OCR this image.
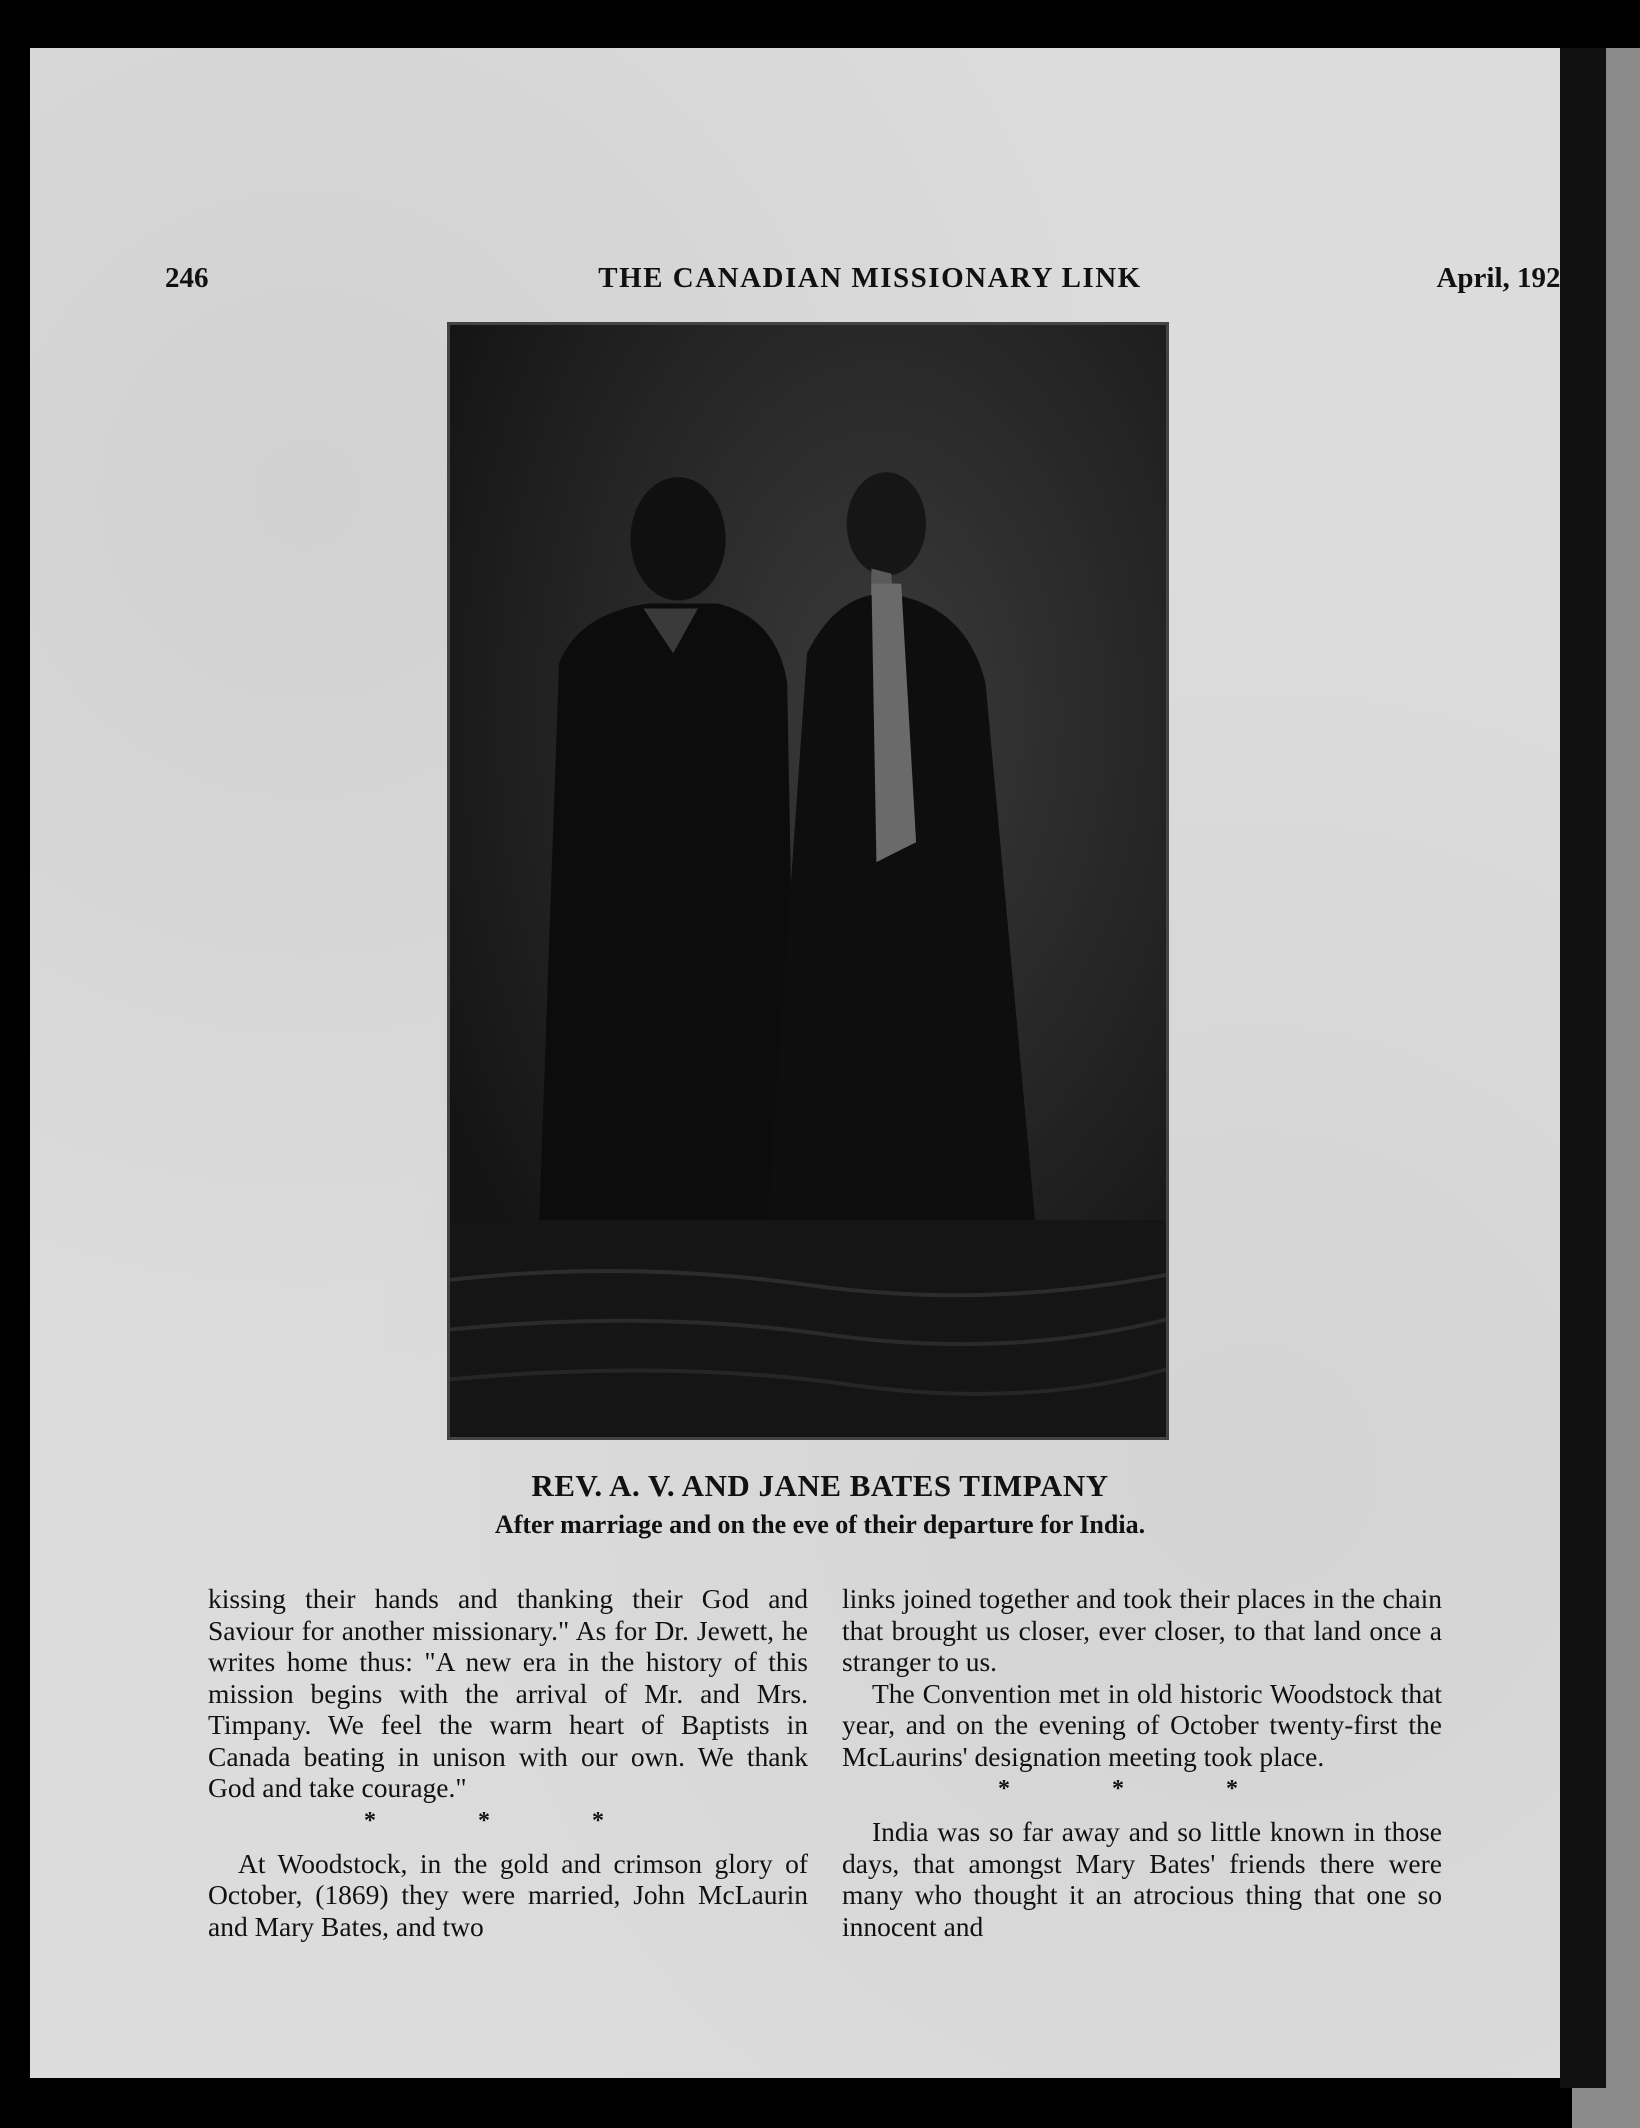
246	THE CANADIAN MISSIONARY LINK	April, 1925
REV. A. V. AND JANE BATES TIMPANY
After marriage and on the eve of their departure for India.

kissing their hands and thanking their God and Saviour for another missionary." As for Dr. Jewett, he writes home thus: "A new era in the history of this mission begins with the arrival of Mr. and Mrs. Timpany. We feel the warm heart of Baptists in Canada beating in unison with our own. We thank God and take courage."

* * *

At Woodstock, in the gold and crimson glory of October, (1869) they were married, John McLaurin and Mary Bates, and two

links joined together and took their places in the chain that brought us closer, ever closer, to that land once a stranger to us.

The Convention met in old historic Woodstock that year, and on the evening of October twenty-first the McLaurins' designation meeting took place.

* * *

India was so far away and so little known in those days, that amongst Mary Bates' friends there were many who thought it an atrocious thing that one so innocent and
